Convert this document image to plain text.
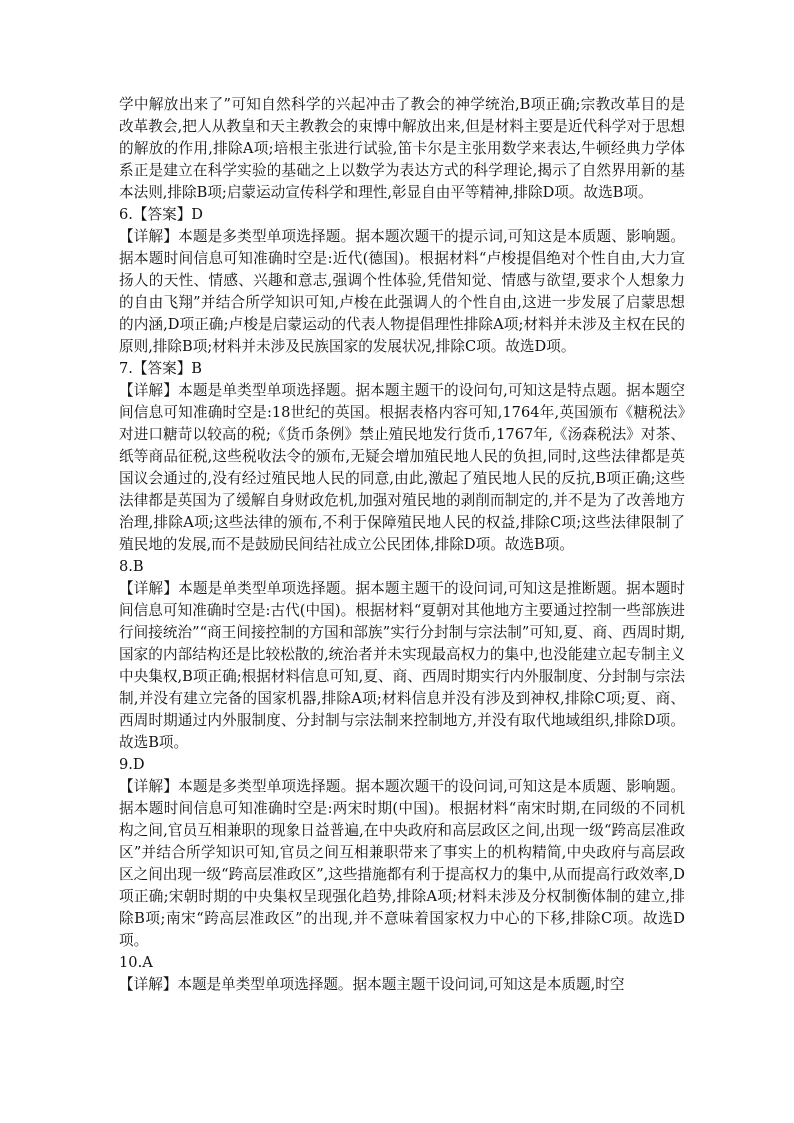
学中解放出来了”可知自然科学的兴起冲击了教会的神学统治,B项正确;宗教改革目的是改革教会,把人从教皇和天主教教会的束博中解放出来,但是材料主要是近代科学对于思想的解放的作用,排除A项;培根主张进行试验,笛卡尔是主张用数学来表达,牛顿经典力学体系正是建立在科学实验的基础之上以数学为表达方式的科学理论,揭示了自然界用新的基本法则,排除B项;启蒙运动宣传科学和理性,彰显自由平等精神,排除D项。故选B项。

6.【答案】D

【详解】本题是多类型单项选择题。据本题次题干的提示词,可知这是本质题、影响题。据本题时间信息可知准确时空是:近代(德国)。根据材料“卢梭提倡绝对个性自由,大力宣扬人的天性、情感、兴趣和意志,强调个性体验,凭借知觉、情感与欲望,要求个人想象力的自由飞翔”并结合所学知识可知,卢梭在此强调人的个性自由,这进一步发展了启蒙思想的内涵,D项正确;卢梭是启蒙运动的代表人物提倡理性排除A项;材料并未涉及主权在民的原则,排除B项;材料并未涉及民族国家的发展状况,排除C项。故选D项。

7.【答案】B

【详解】本题是单类型单项选择题。据本题主题干的设问句,可知这是特点题。据本题空间信息可知准确时空是:18世纪的英国。根据表格内容可知,1764年,英国颁布《糖税法》对进口糖苛以较高的税;《货币条例》禁止殖民地发行货币,1767年,《汤森税法》对茶、纸等商品征税,这些税收法令的颁布,无疑会增加殖民地人民的负担,同时,这些法律都是英国议会通过的,没有经过殖民地人民的同意,由此,激起了殖民地人民的反抗,B项正确;这些法律都是英国为了缓解自身财政危机,加强对殖民地的剥削而制定的,并不是为了改善地方治理,排除A项;这些法律的颁布,不利于保障殖民地人民的权益,排除C项;这些法律限制了殖民地的发展,而不是鼓励民间结社成立公民团体,排除D项。故选B项。

8.B

【详解】本题是单类型单项选择题。据本题主题干的设问词,可知这是推断题。据本题时间信息可知准确时空是:古代(中国)。根据材料“夏朝对其他地方主要通过控制一些部族进行间接统治”“商王间接控制的方国和部族”实行分封制与宗法制”可知,夏、商、西周时期,国家的内部结构还是比较松散的,统治者并未实现最高权力的集中,也没能建立起专制主义中央集权,B项正确;根据材料信息可知,夏、商、西周时期实行内外服制度、分封制与宗法制,并没有建立完备的国家机器,排除A项;材料信息并没有涉及到神权,排除C项;夏、商、西周时期通过内外服制度、分封制与宗法制来控制地方,并没有取代地域组织,排除D项。故选B项。

9.D

【详解】本题是多类型单项选择题。据本题次题干的设问词,可知这是本质题、影响题。据本题时间信息可知准确时空是:两宋时期(中国)。根据材料“南宋时期,在同级的不同机构之间,官员互相兼职的现象日益普遍,在中央政府和高层政区之间,出现一级“跨高层准政区”并结合所学知识可知,官员之间互相兼职带来了事实上的机构精简,中央政府与高层政区之间出现一级“跨高层准政区”,这些措施都有利于提高权力的集中,从而提高行政效率,D项正确;宋朝时期的中央集权呈现强化趋势,排除A项;材料未涉及分权制衡体制的建立,排除B项;南宋“跨高层准政区”的出现,并不意味着国家权力中心的下移,排除C项。故选D项。

10.A

【详解】本题是单类型单项选择题。据本题主题干设问词,可知这是本质题,时空
